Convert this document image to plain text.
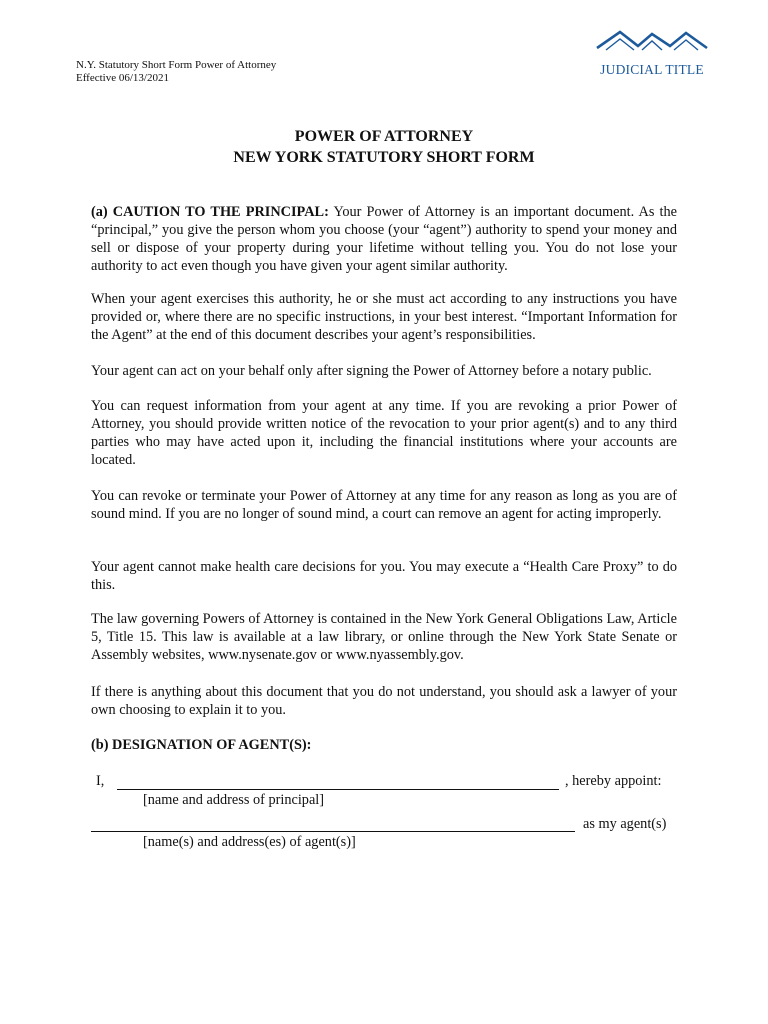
N.Y. Statutory Short Form Power of Attorney
Effective 06/13/2021
JUDICIAL TITLE
POWER OF ATTORNEY
NEW YORK STATUTORY SHORT FORM

(a) CAUTION TO THE PRINCIPAL: Your Power of Attorney is an important document. As the “principal,” you give the person whom you choose (your “agent”) authority to spend your money and sell or dispose of your property during your lifetime without telling you. You do not lose your authority to act even though you have given your agent similar authority.

When your agent exercises this authority, he or she must act according to any instructions you have provided or, where there are no specific instructions, in your best interest. “Important Information for the Agent” at the end of this document describes your agent’s responsibilities.

Your agent can act on your behalf only after signing the Power of Attorney before a notary public.

You can request information from your agent at any time. If you are revoking a prior Power of Attorney, you should provide written notice of the revocation to your prior agent(s) and to any third parties who may have acted upon it, including the financial institutions where your accounts are located.

You can revoke or terminate your Power of Attorney at any time for any reason as long as you are of sound mind. If you are no longer of sound mind, a court can remove an agent for acting improperly.

Your agent cannot make health care decisions for you. You may execute a “Health Care Proxy” to do this.

The law governing Powers of Attorney is contained in the New York General Obligations Law, Article 5, Title 15. This law is available at a law library, or online through the New York State Senate or Assembly websites, www.nysenate.gov or www.nyassembly.gov.

If there is anything about this document that you do not understand, you should ask a lawyer of your own choosing to explain it to you.

(b) DESIGNATION OF AGENT(S):
I,	, hereby appoint:
[name and address of principal]
as my agent(s)
[name(s) and address(es) of agent(s)]
